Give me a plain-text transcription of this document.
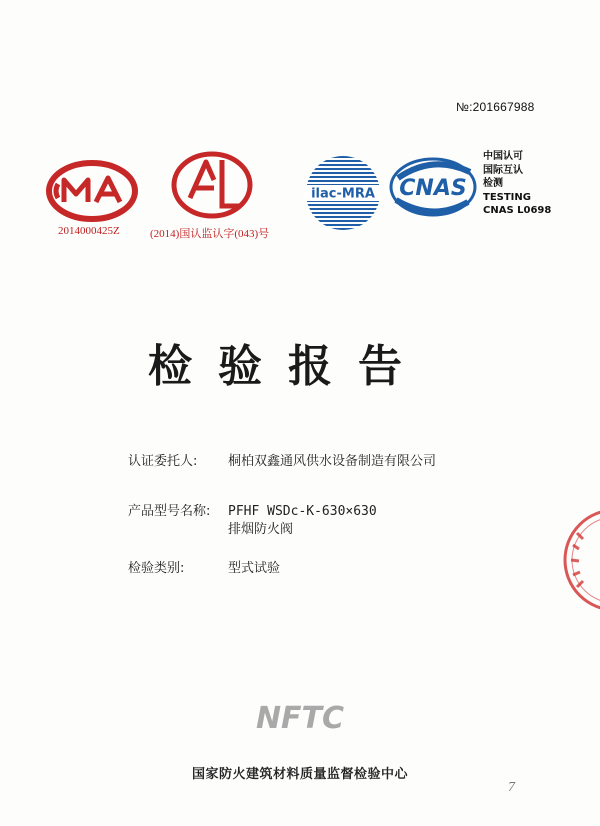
№:201667988
2014000425Z	(2014)国认监认字(043)号
ilac-MRA CNAS
中国认可
国际互认
检测
TESTING
CNAS L0698
检验报告
认证委托人: 桐柏双鑫通风供水设备制造有限公司
产品型号名称: PFHF WSDc-K-630×630
排烟防火阀
检验类别:	型式试验
NFTC
国家防火建筑材料质量监督检验中心
7
